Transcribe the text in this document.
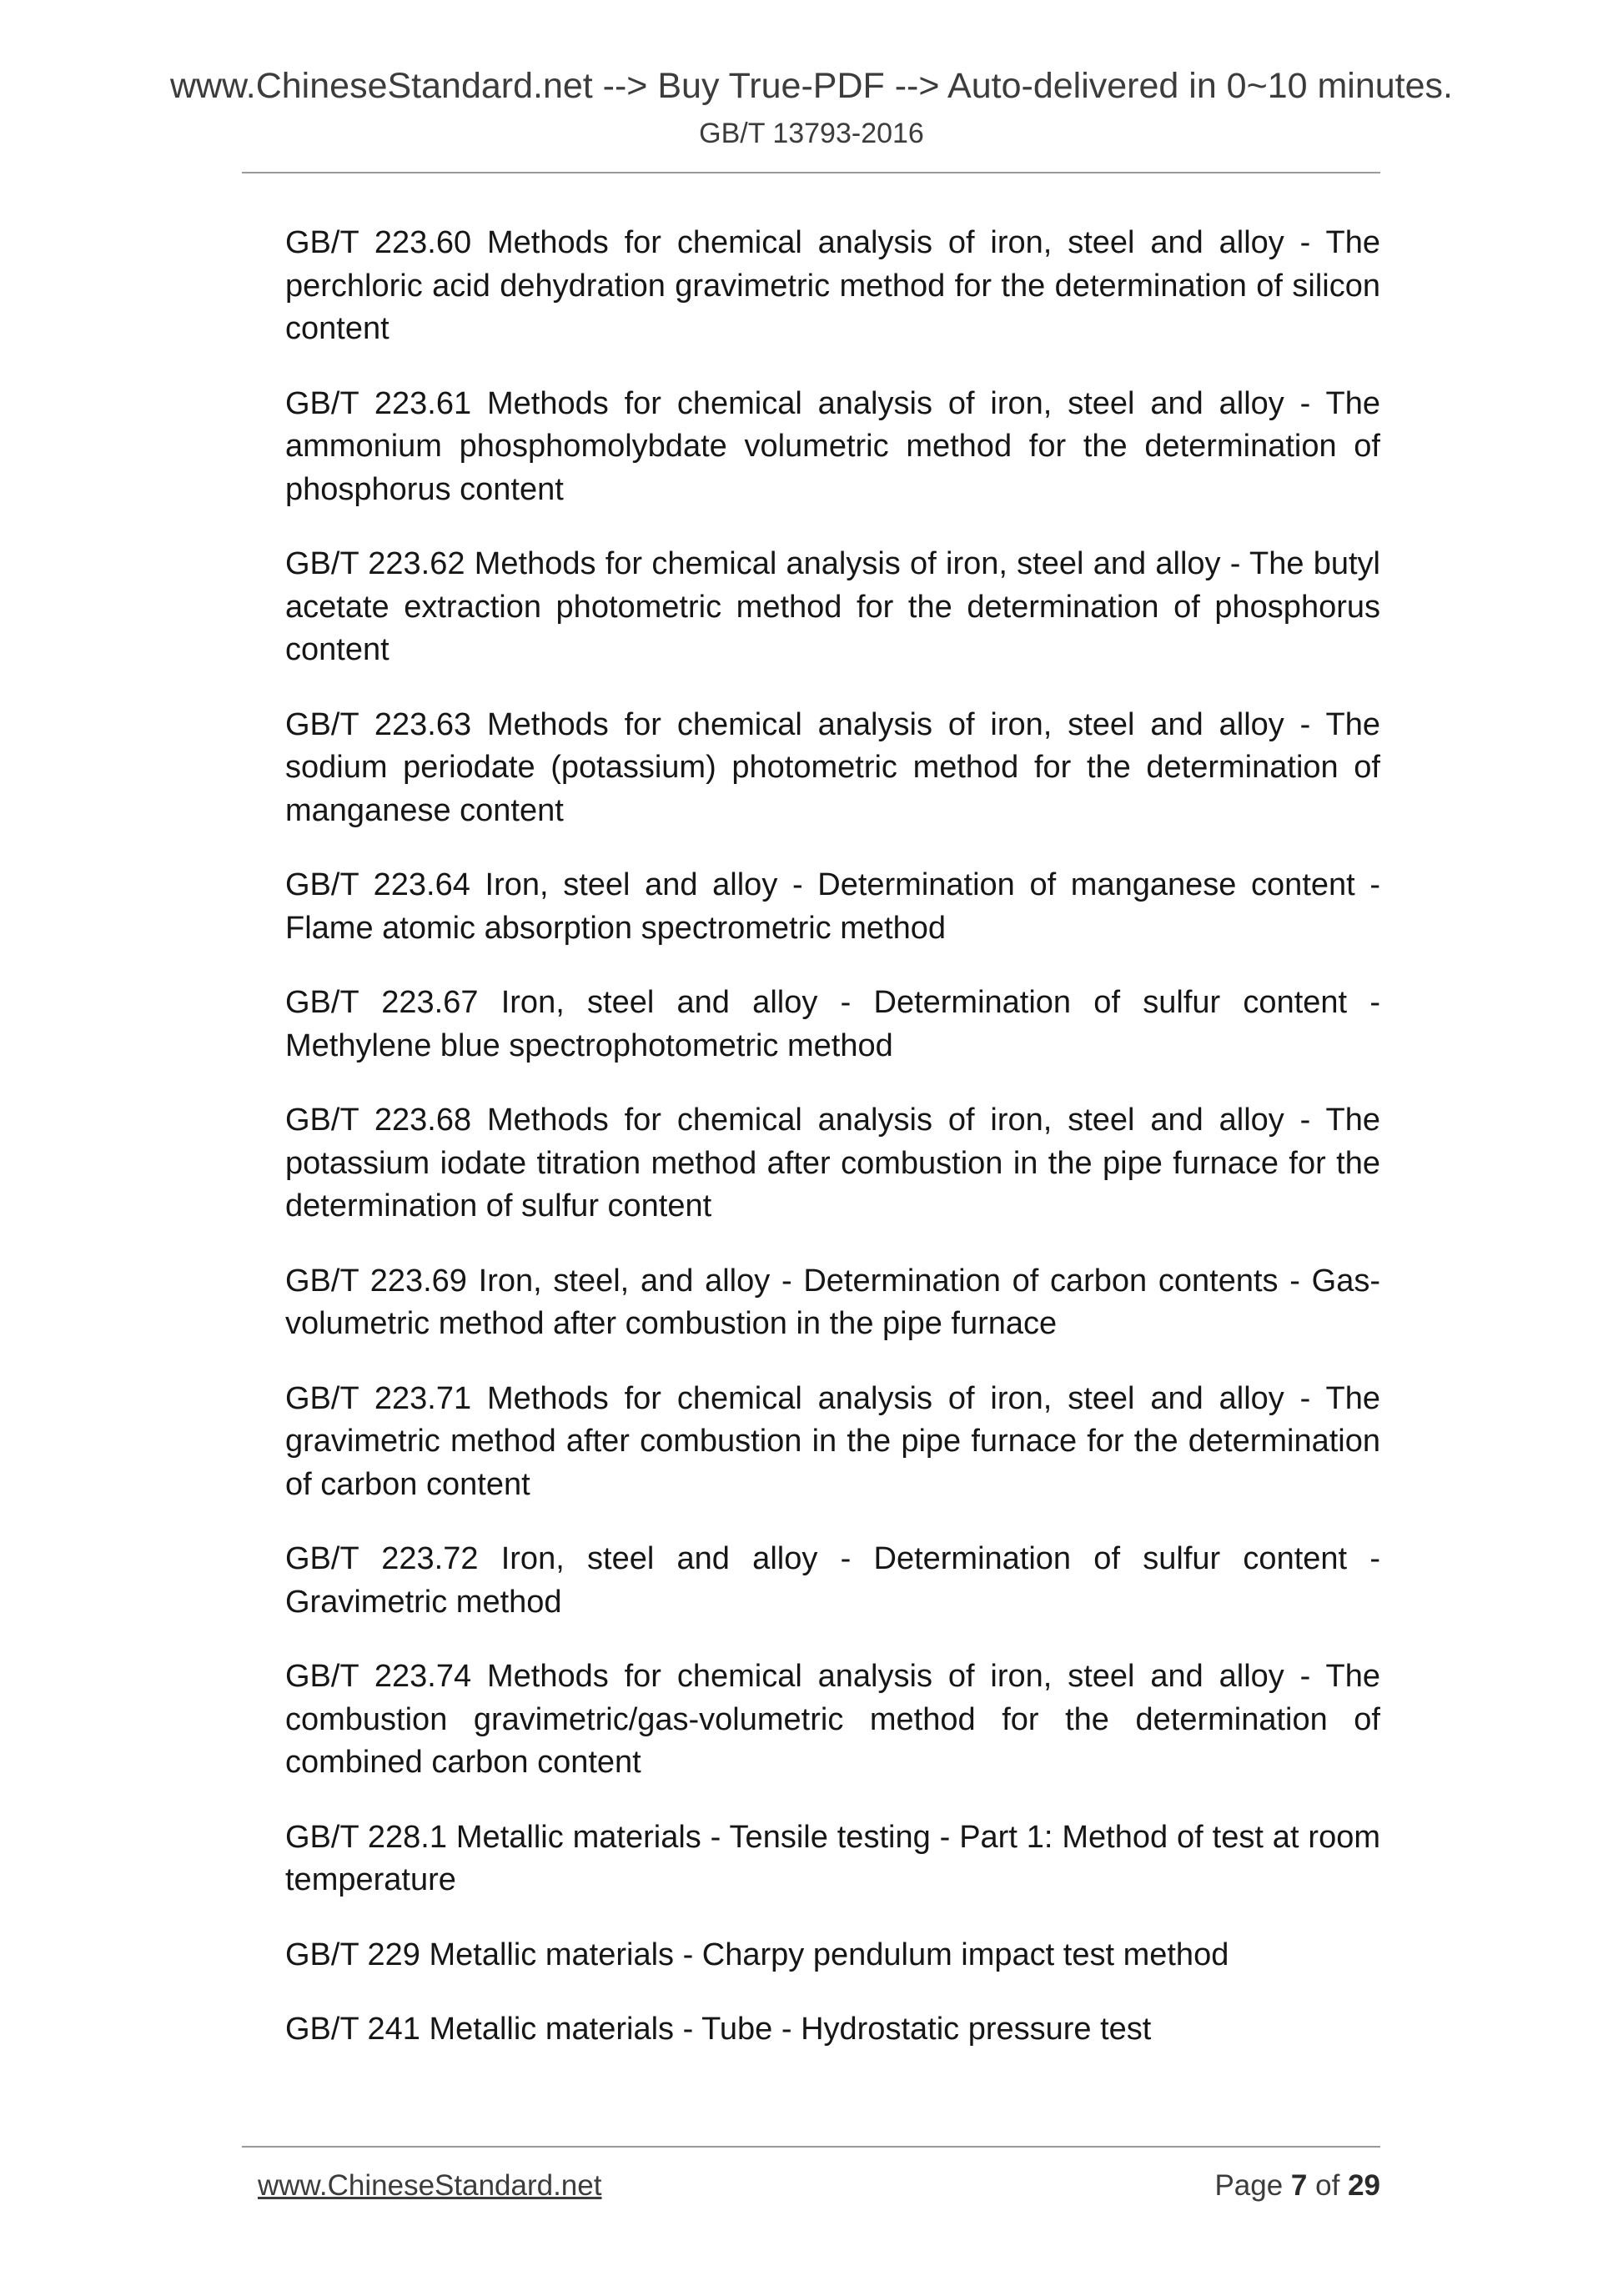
www.ChineseStandard.net --> Buy True-PDF --> Auto-delivered in 0~10 minutes.
GB/T 13793-2016

GB/T 223.60 Methods for chemical analysis of iron, steel and alloy - The perchloric acid dehydration gravimetric method for the determination of silicon content

GB/T 223.61 Methods for chemical analysis of iron, steel and alloy - The ammonium phosphomolybdate volumetric method for the determination of phosphorus content

GB/T 223.62 Methods for chemical analysis of iron, steel and alloy - The butyl acetate extraction photometric method for the determination of phosphorus content

GB/T 223.63 Methods for chemical analysis of iron, steel and alloy - The sodium periodate (potassium) photometric method for the determination of manganese content

GB/T 223.64 Iron, steel and alloy - Determination of manganese content - Flame atomic absorption spectrometric method

GB/T 223.67 Iron, steel and alloy - Determination of sulfur content - Methylene blue spectrophotometric method

GB/T 223.68 Methods for chemical analysis of iron, steel and alloy - The potassium iodate titration method after combustion in the pipe furnace for the determination of sulfur content

GB/T 223.69 Iron, steel, and alloy - Determination of carbon contents - Gas-volumetric method after combustion in the pipe furnace

GB/T 223.71 Methods for chemical analysis of iron, steel and alloy - The gravimetric method after combustion in the pipe furnace for the determination of carbon content

GB/T 223.72 Iron, steel and alloy - Determination of sulfur content - Gravimetric method

GB/T 223.74 Methods for chemical analysis of iron, steel and alloy - The combustion gravimetric/gas-volumetric method for the determination of combined carbon content

GB/T 228.1 Metallic materials - Tensile testing - Part 1: Method of test at room temperature

GB/T 229 Metallic materials - Charpy pendulum impact test method

GB/T 241 Metallic materials - Tube - Hydrostatic pressure test

www.ChineseStandard.net	Page 7 of 29
